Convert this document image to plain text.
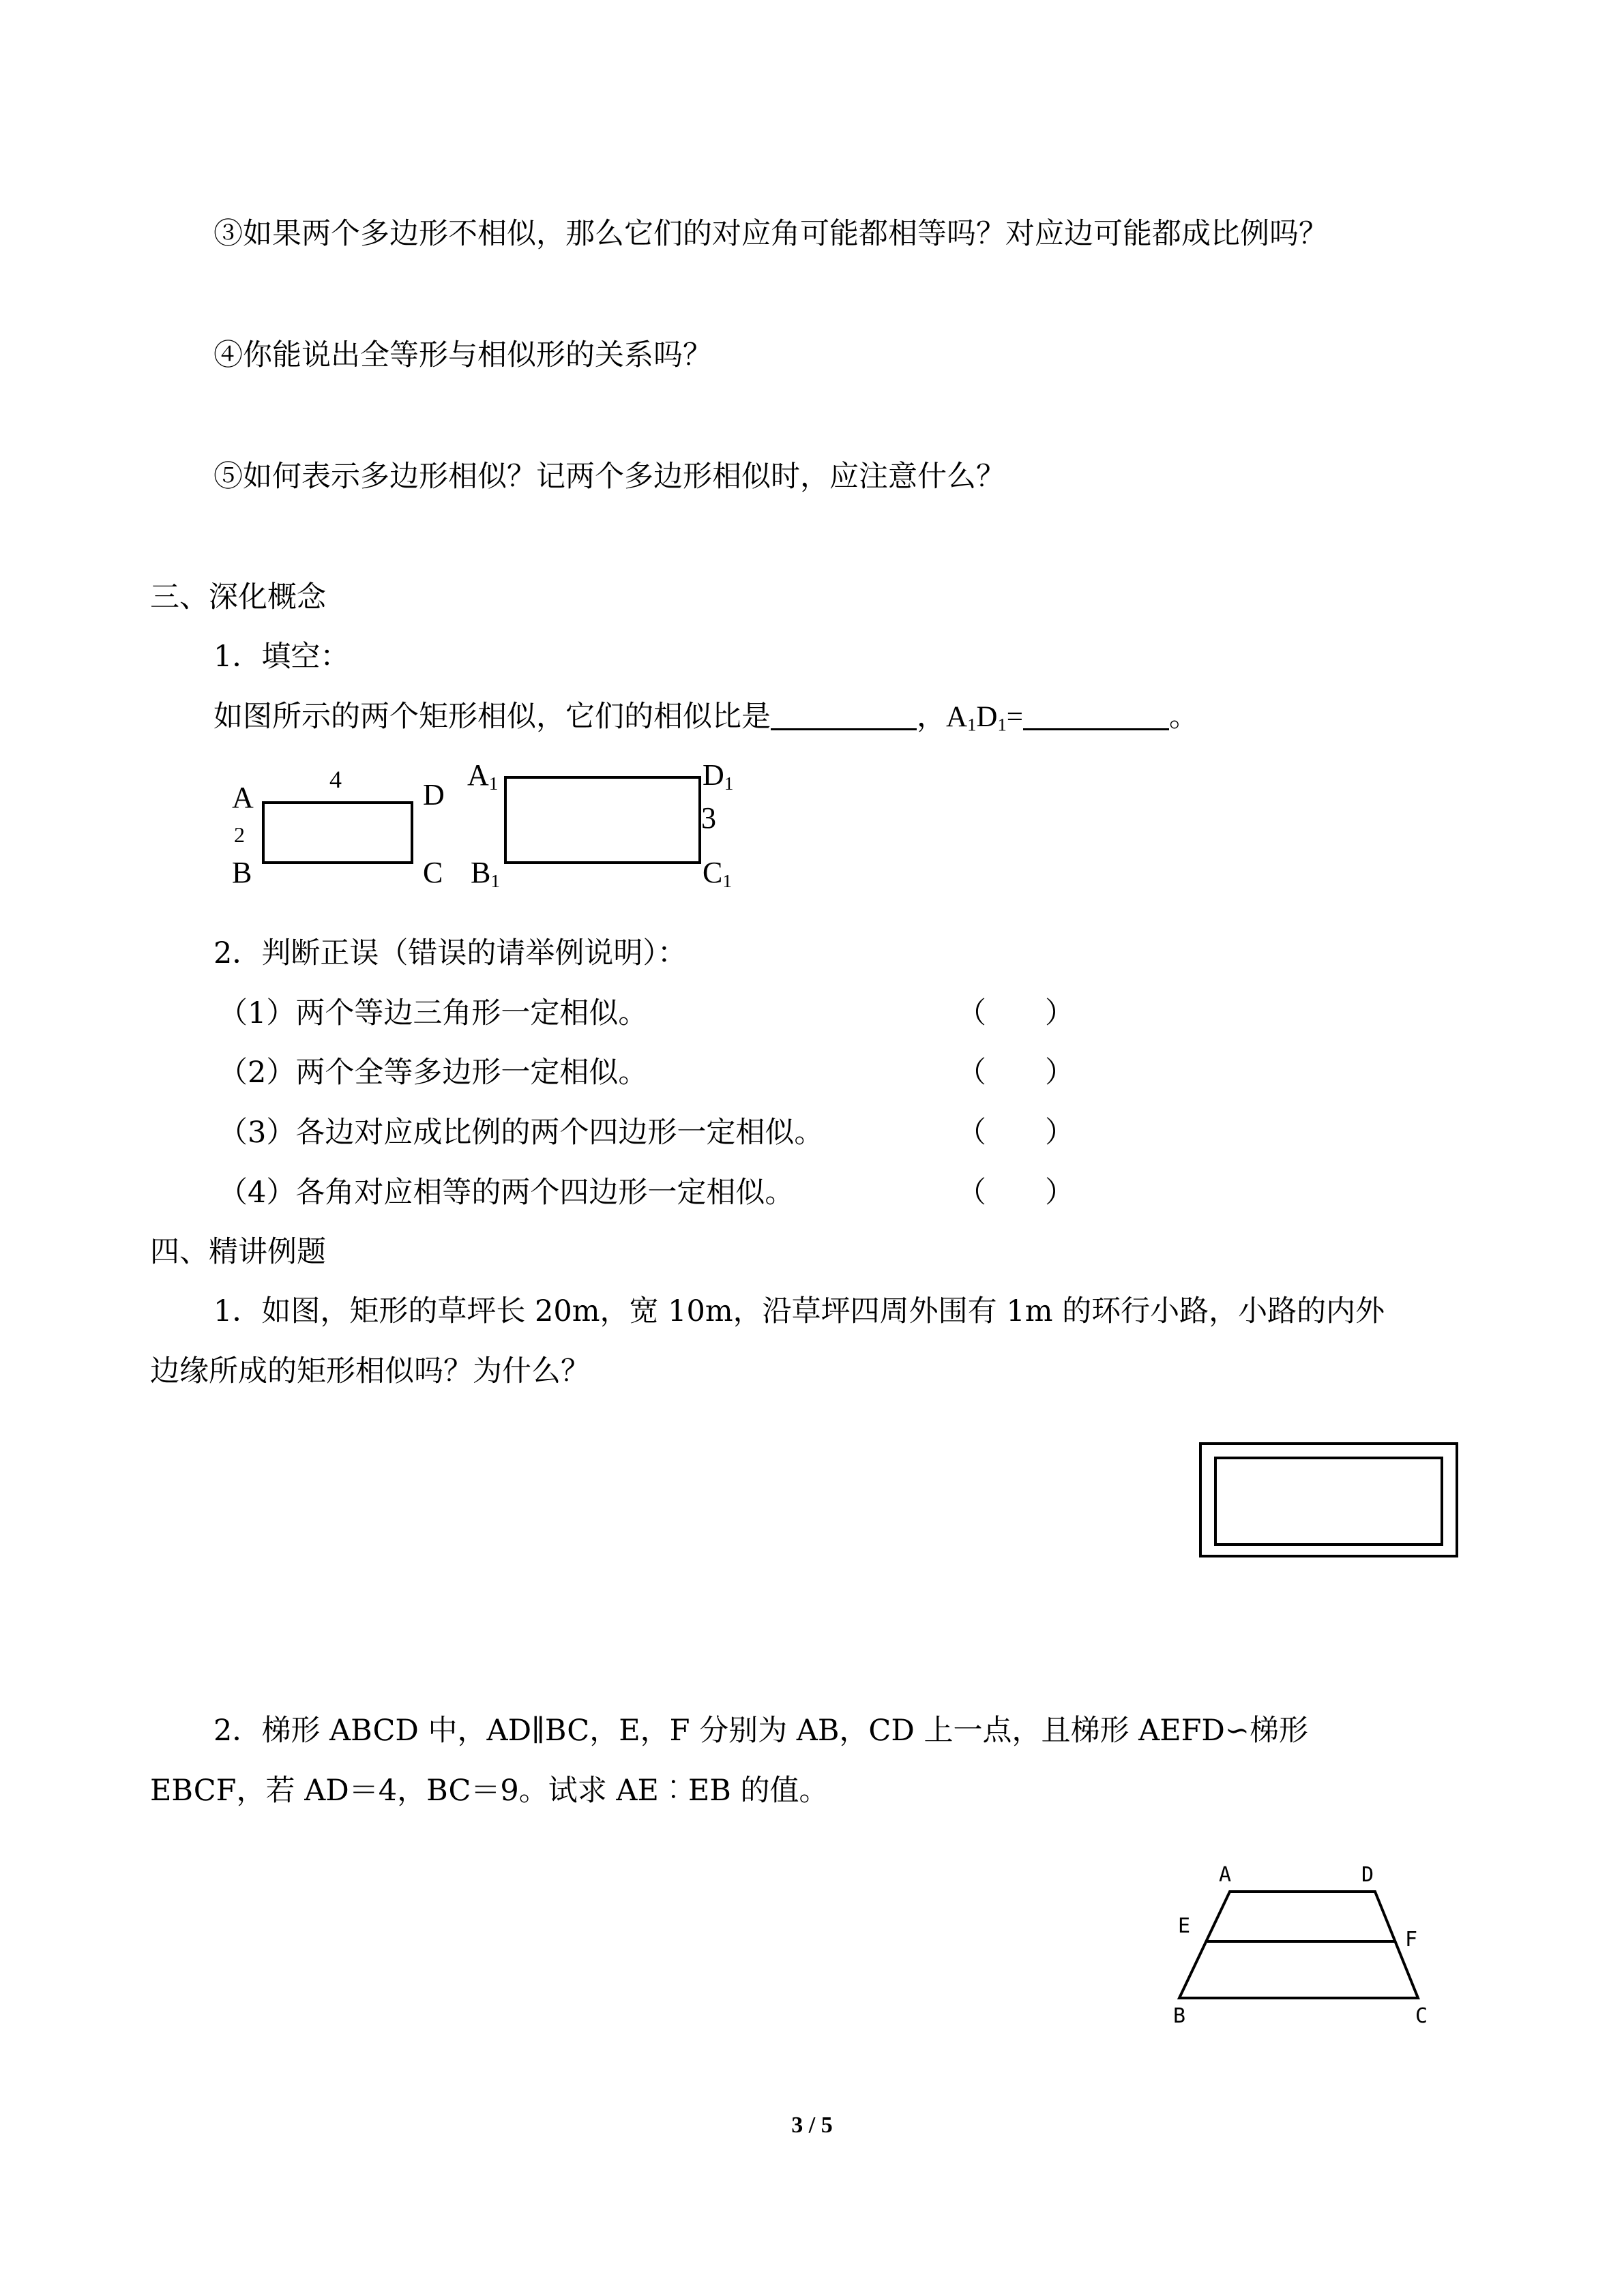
③如果两个多边形不相似，那么它们的对应角可能都相等吗？对应边可能都成比例吗？
④你能说出全等形与相似形的关系吗？
⑤如何表示多边形相似？记两个多边形相似时，应注意什么？
三、深化概念
1．填空：
如图所示的两个矩形相似，它们的相似比是	，$A_1D_1=$	。
A
4	D
2
B	C
$A_1$	$D_1$
3
$B_1$	$C_1$
2．判断正误（错误的请举例说明）：
（1）两个等边三角形一定相似。	（　　）
（2）两个全等多边形一定相似。	（　　）
（3）各边对应成比例的两个四边形一定相似。	（　　）
（4）各角对应相等的两个四边形一定相似。	（　　）
四、精讲例题
1．如图，矩形的草坪长 20m，宽 10m，沿草坪四周外围有 1m 的环行小路，小路的内外
边缘所成的矩形相似吗？为什么？
2．梯形 ABCD 中，AD∥BC，E，F 分别为 AB，CD 上一点，且梯形 AEFD∽梯形
EBCF，若 AD＝4，BC＝9。试求 AE︰EB 的值。
A	D
E
F
B	C
3 / 5
